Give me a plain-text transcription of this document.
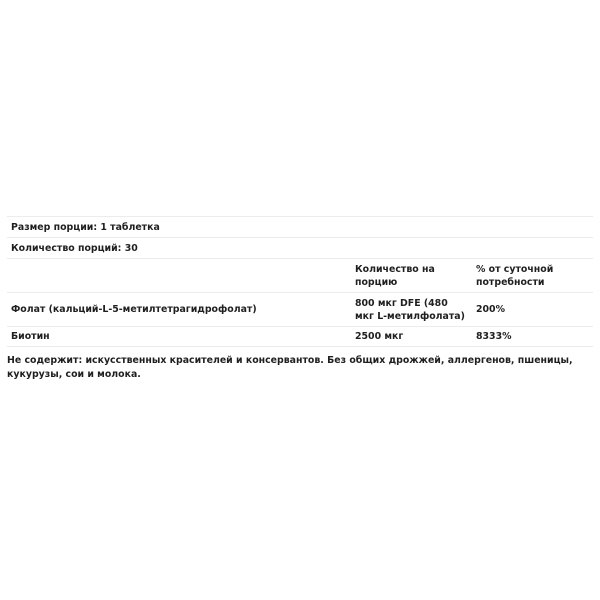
Размер порции: 1 таблетка		
Количество порций: 30		
	Количество на порцию	% от суточной потребности
Фолат (кальций-L-5-метилтетрагидрофолат)	800 мкг DFE (480 мкг L-метилфолата)	200%
Биотин	2500 мкг	8333%
Не содержит: искусственных красителей и консервантов. Без общих дрожжей, аллергенов, пшеницы, кукурузы, сои и молока.
